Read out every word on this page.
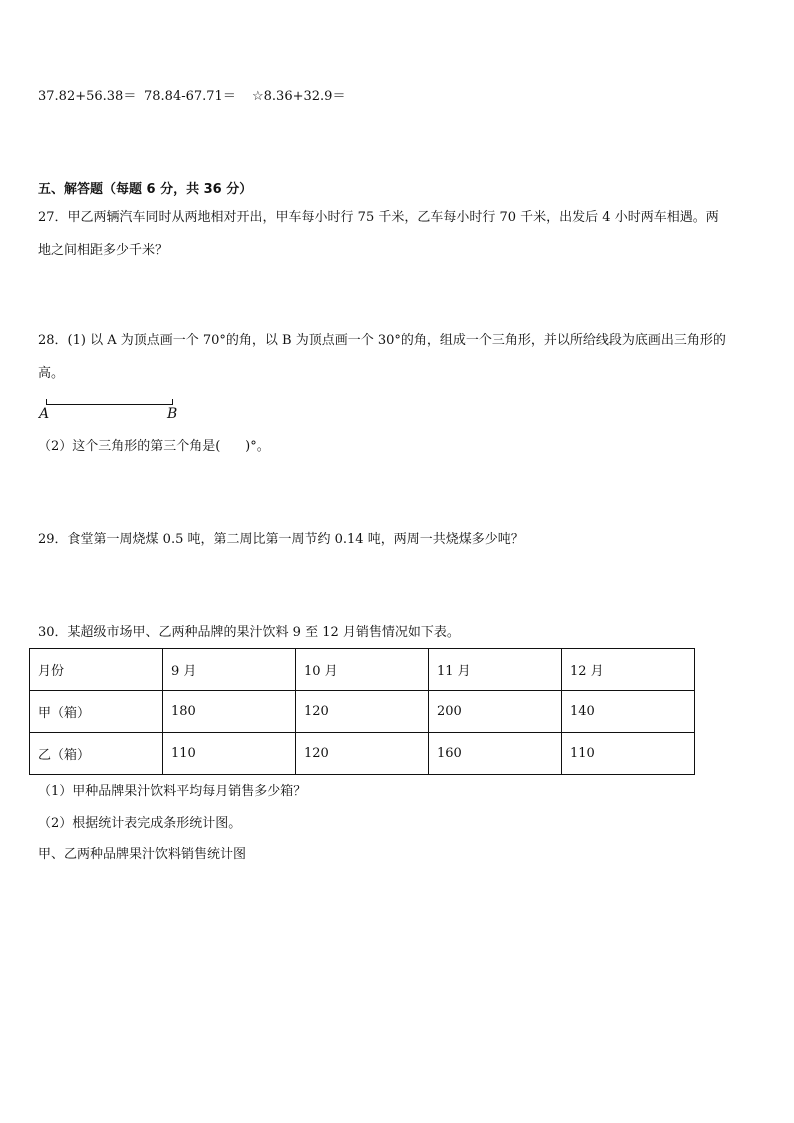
37.82+56.38＝ 78.84-67.71＝ ☆8.36+32.9＝
五、解答题（每题 6 分，共 36 分）
27．甲乙两辆汽车同时从两地相对开出，甲车每小时行 75 千米，乙车每小时行 70 千米，出发后 4 小时两车相遇。两
地之间相距多少千米？
28．(1) 以 A 为顶点画一个 70°的角，以 B 为顶点画一个 30°的角，组成一个三角形，并以所给线段为底画出三角形的
高。
A	B
（2）这个三角形的第三个角是(      )°。
29．食堂第一周烧煤 0.5 吨，第二周比第一周节约 0.14 吨，两周一共烧煤多少吨？
30．某超级市场甲、乙两种品牌的果汁饮料 9 至 12 月销售情况如下表。
月份	9 月	10 月	11 月	12 月
甲（箱）	180	120	200	140
乙（箱）	110	120	160	110
（1）甲种品牌果汁饮料平均每月销售多少箱？
（2）根据统计表完成条形统计图。
甲、乙两种品牌果汁饮料销售统计图
